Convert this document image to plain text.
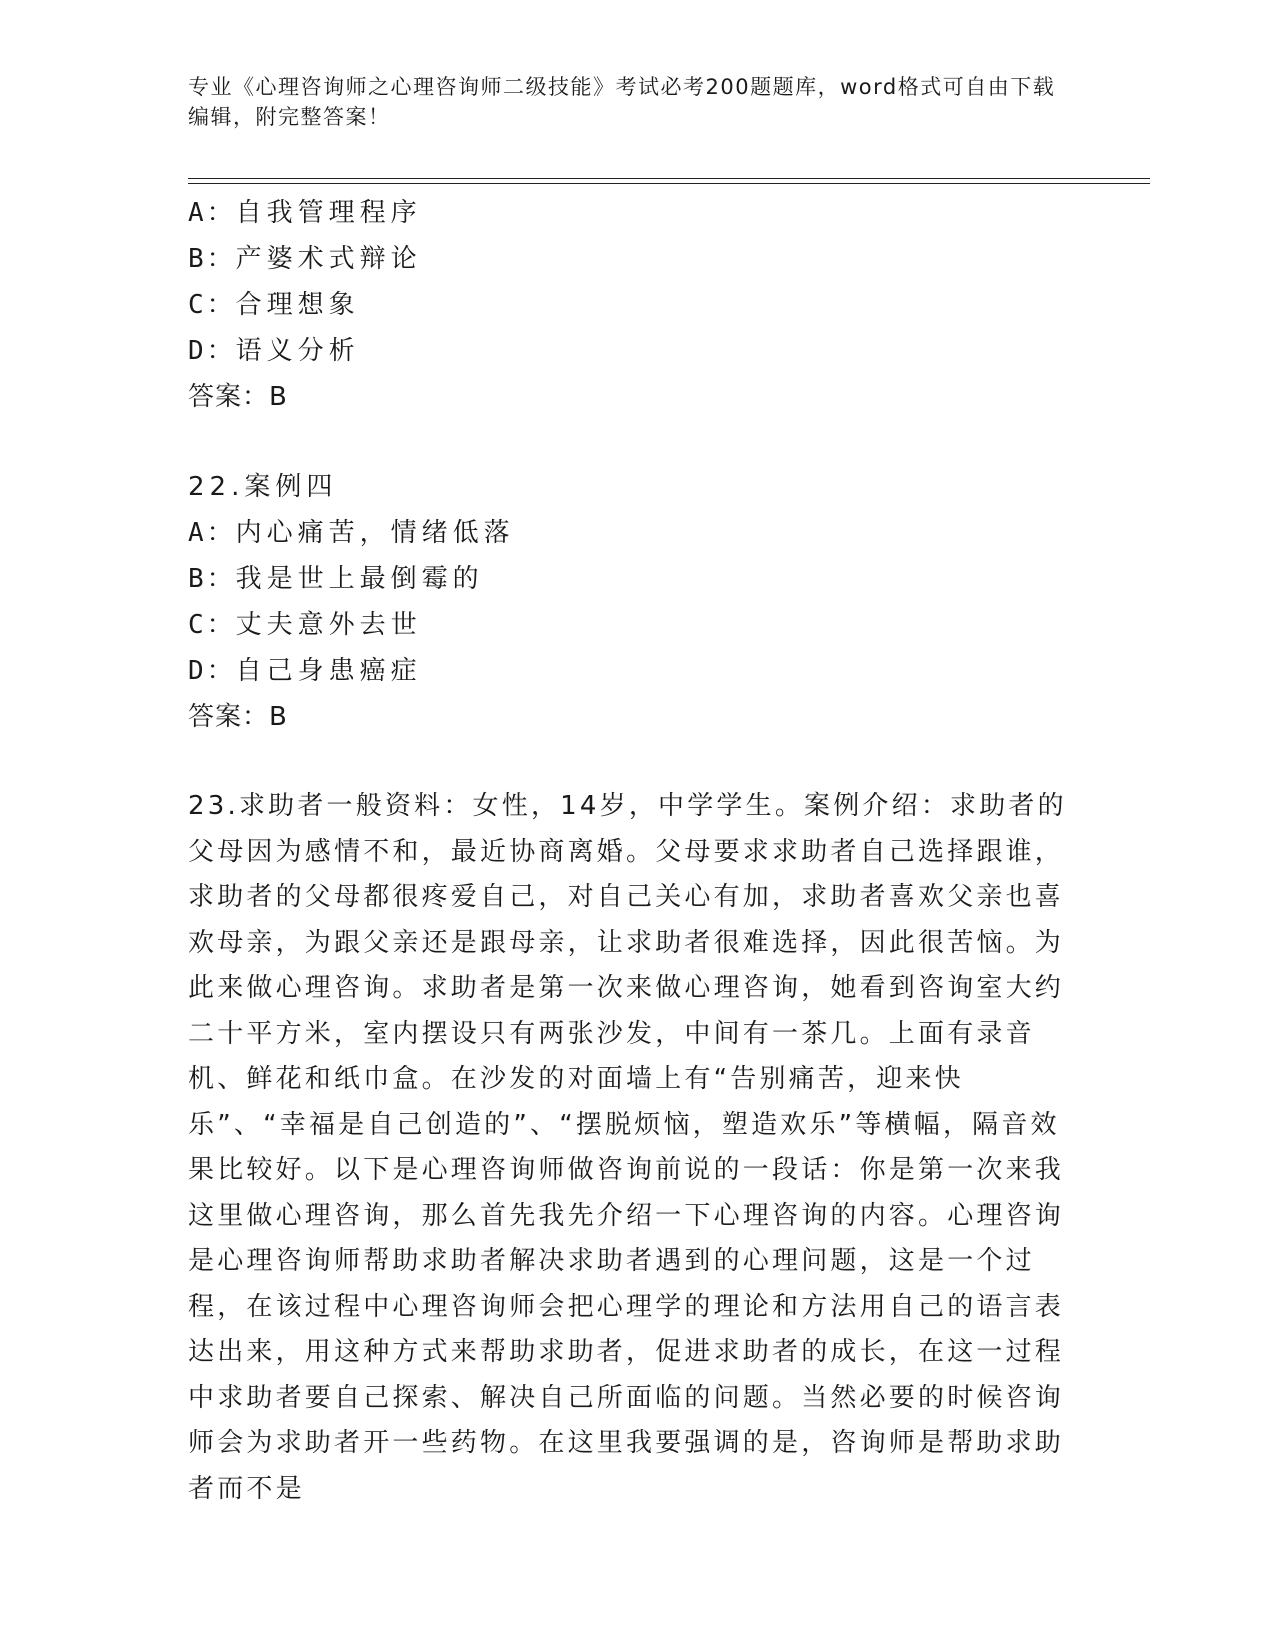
专业《心理咨询师之心理咨询师二级技能》考试必考200题题库，word格式可自由下载编辑，附完整答案！
A：自我管理程序
B：产婆术式辩论
C：合理想象
D：语义分析
答案：B
22.案例四
A：内心痛苦，情绪低落
B：我是世上最倒霉的
C：丈夫意外去世
D：自己身患癌症
答案：B
23.求助者一般资料：女性，14岁，中学学生。案例介绍：求助者的父母因为感情不和，最近协商离婚。父母要求求助者自己选择跟谁，求助者的父母都很疼爱自己，对自己关心有加，求助者喜欢父亲也喜欢母亲，为跟父亲还是跟母亲，让求助者很难选择，因此很苦恼。为此来做心理咨询。求助者是第一次来做心理咨询，她看到咨询室大约二十平方米，室内摆设只有两张沙发，中间有一茶几。上面有录音机、鲜花和纸巾盒。在沙发的对面墙上有“告别痛苦，迎来快乐”、“幸福是自己创造的”、“摆脱烦恼，塑造欢乐”等横幅，隔音效果比较好。以下是心理咨询师做咨询前说的一段话：你是第一次来我这里做心理咨询，那么首先我先介绍一下心理咨询的内容。心理咨询是心理咨询师帮助求助者解决求助者遇到的心理问题，这是一个过程，在该过程中心理咨询师会把心理学的理论和方法用自己的语言表达出来，用这种方式来帮助求助者，促进求助者的成长，在这一过程中求助者要自己探索、解决自己所面临的问题。当然必要的时候咨询师会为求助者开一些药物。在这里我要强调的是，咨询师是帮助求助者而不是
